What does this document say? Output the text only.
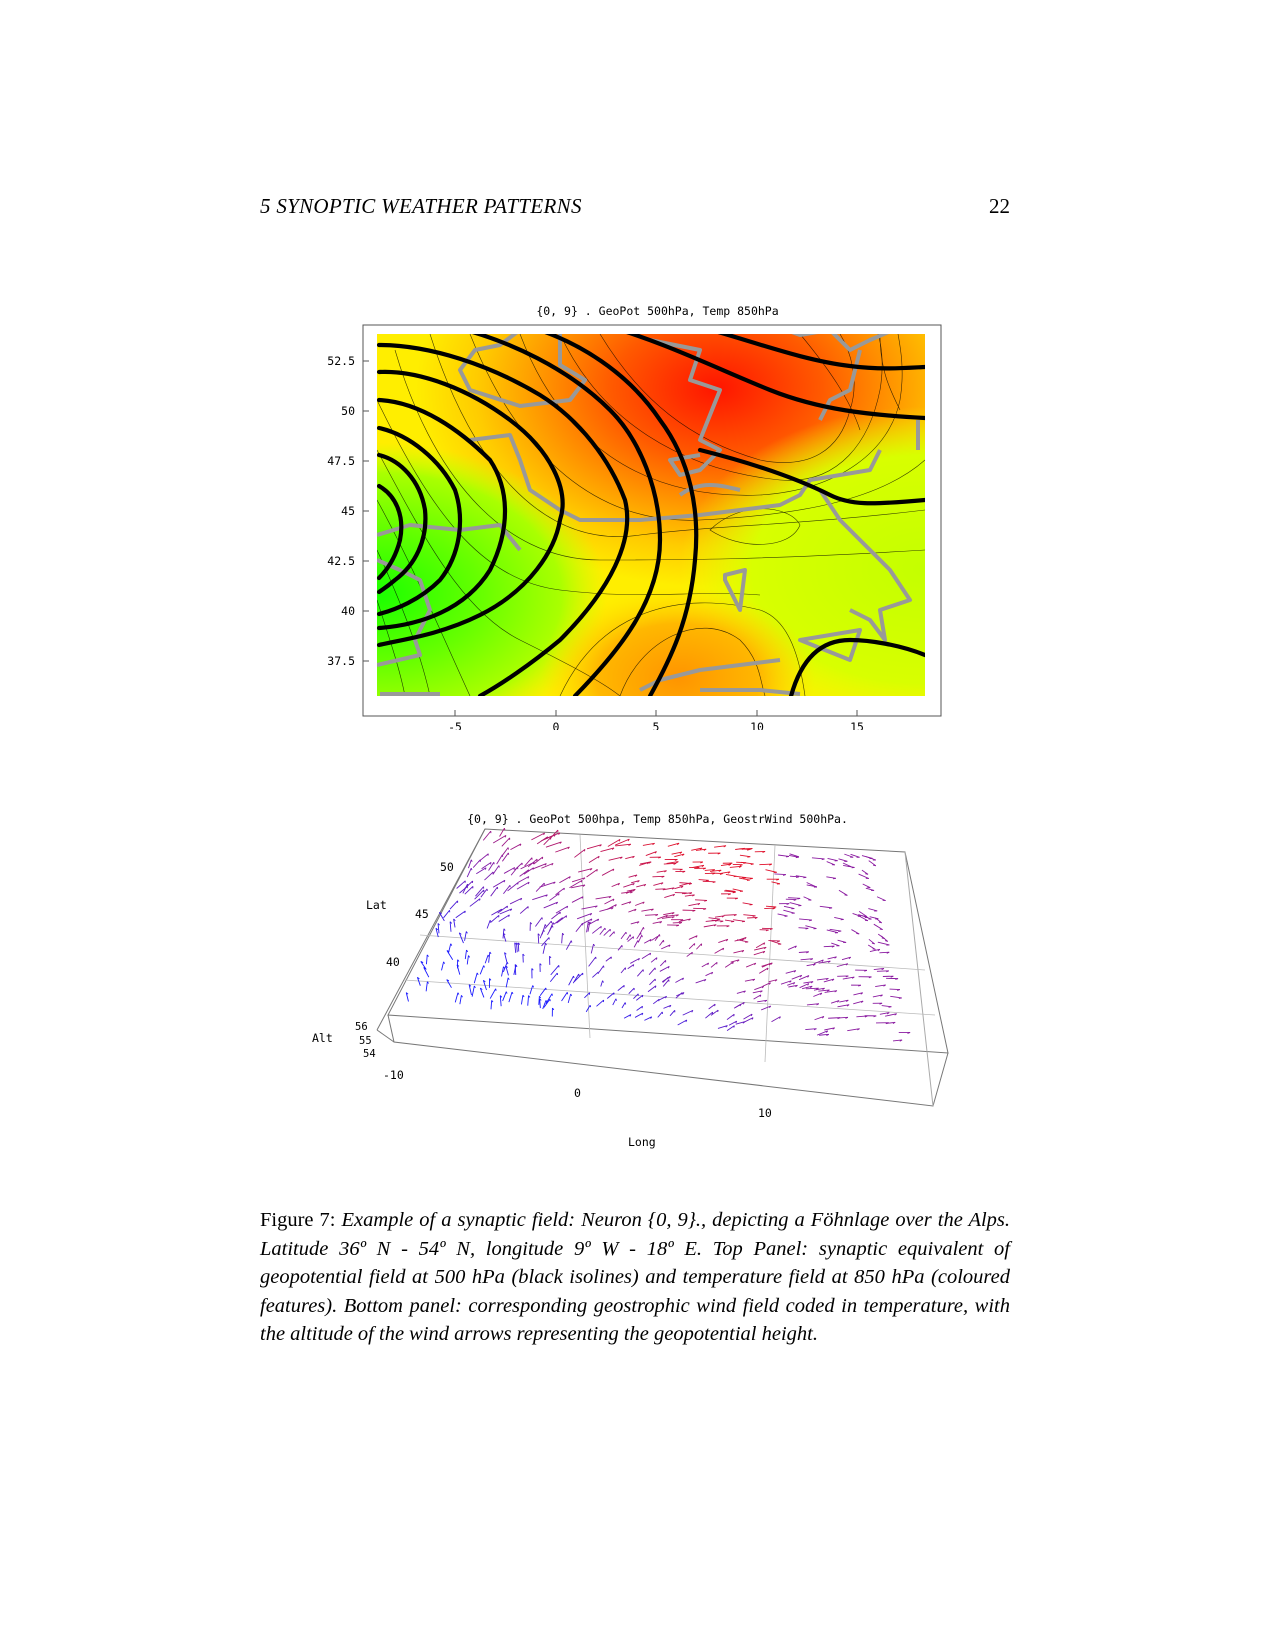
5 SYNOPTIC WEATHER PATTERNS	22
{0, 9} . GeoPot 500hPa, Temp 850hPa
52.5
50
47.5
45
42.5
40
37.5
-5	0	5	10	15
{0, 9} . GeoPot 500hpa, Temp 850hPa, GeostrWind 500hPa.
Lat
50
45
40
Alt
56
55
54
-10
0
10
Long
Figure 7: Example of a synaptic field: Neuron {0, 9}., depicting a Föhnlage over the Alps. Latitude 36º N - 54º N, longitude 9º W - 18º E. Top Panel: synaptic equivalent of geopotential field at 500 hPa (black isolines) and temperature field at 850 hPa (coloured features). Bottom panel: corresponding geostrophic wind field coded in temperature, with the altitude of the wind arrows representing the geopotential height.
